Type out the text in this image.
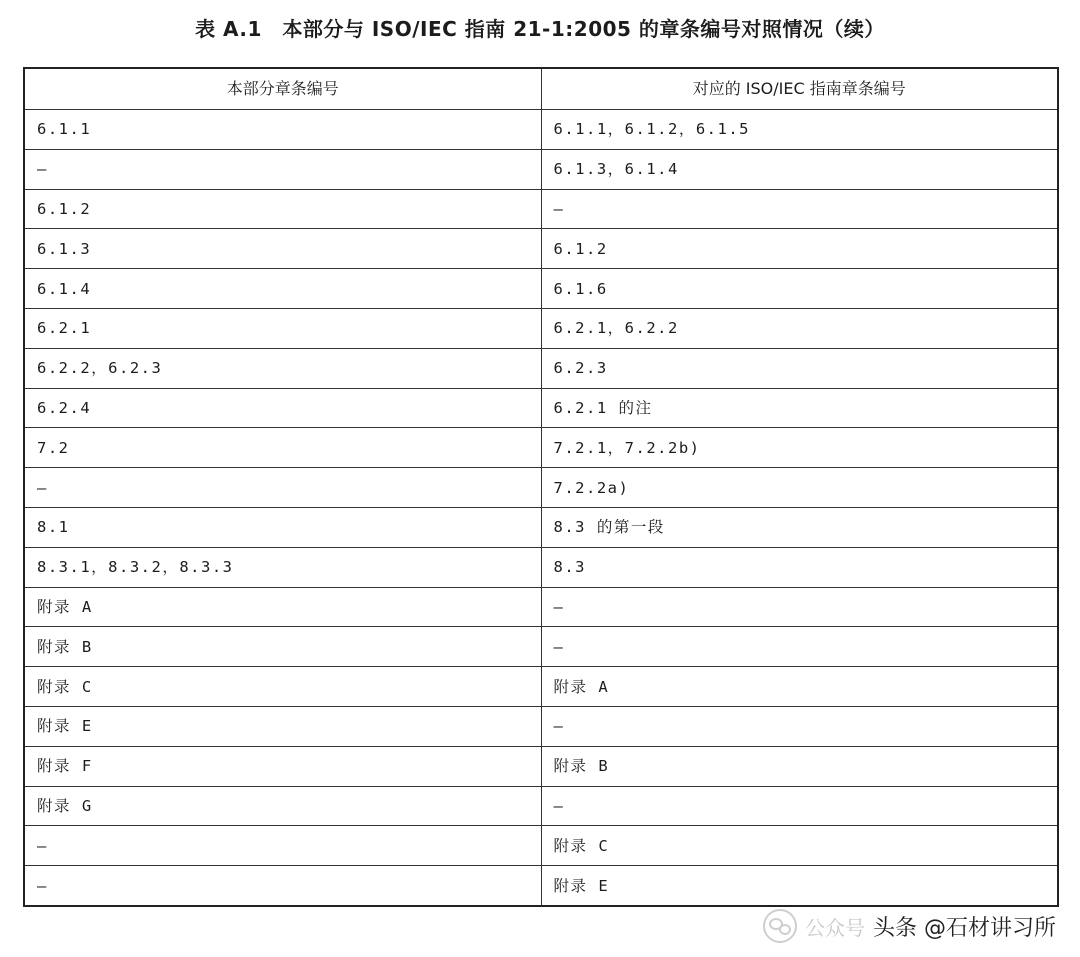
表 A.1　本部分与 ISO/IEC 指南 21-1:2005 的章条编号对照情况（续）
本部分章条编号	对应的 ISO/IEC 指南章条编号
6.1.1	6.1.1，6.1.2，6.1.5
—	6.1.3，6.1.4
6.1.2	—
6.1.3	6.1.2
6.1.4	6.1.6
6.2.1	6.2.1，6.2.2
6.2.2，6.2.3	6.2.3
6.2.4	6.2.1 的注
7.2	7.2.1，7.2.2b)
—	7.2.2a)
8.1	8.3 的第一段
8.3.1，8.3.2，8.3.3	8.3
附录 A	—
附录 B	—
附录 C	附录 A
附录 E	—
附录 F	附录 B
附录 G	—
—	附录 C
—	附录 E
公众号 头条 @石材讲习所
